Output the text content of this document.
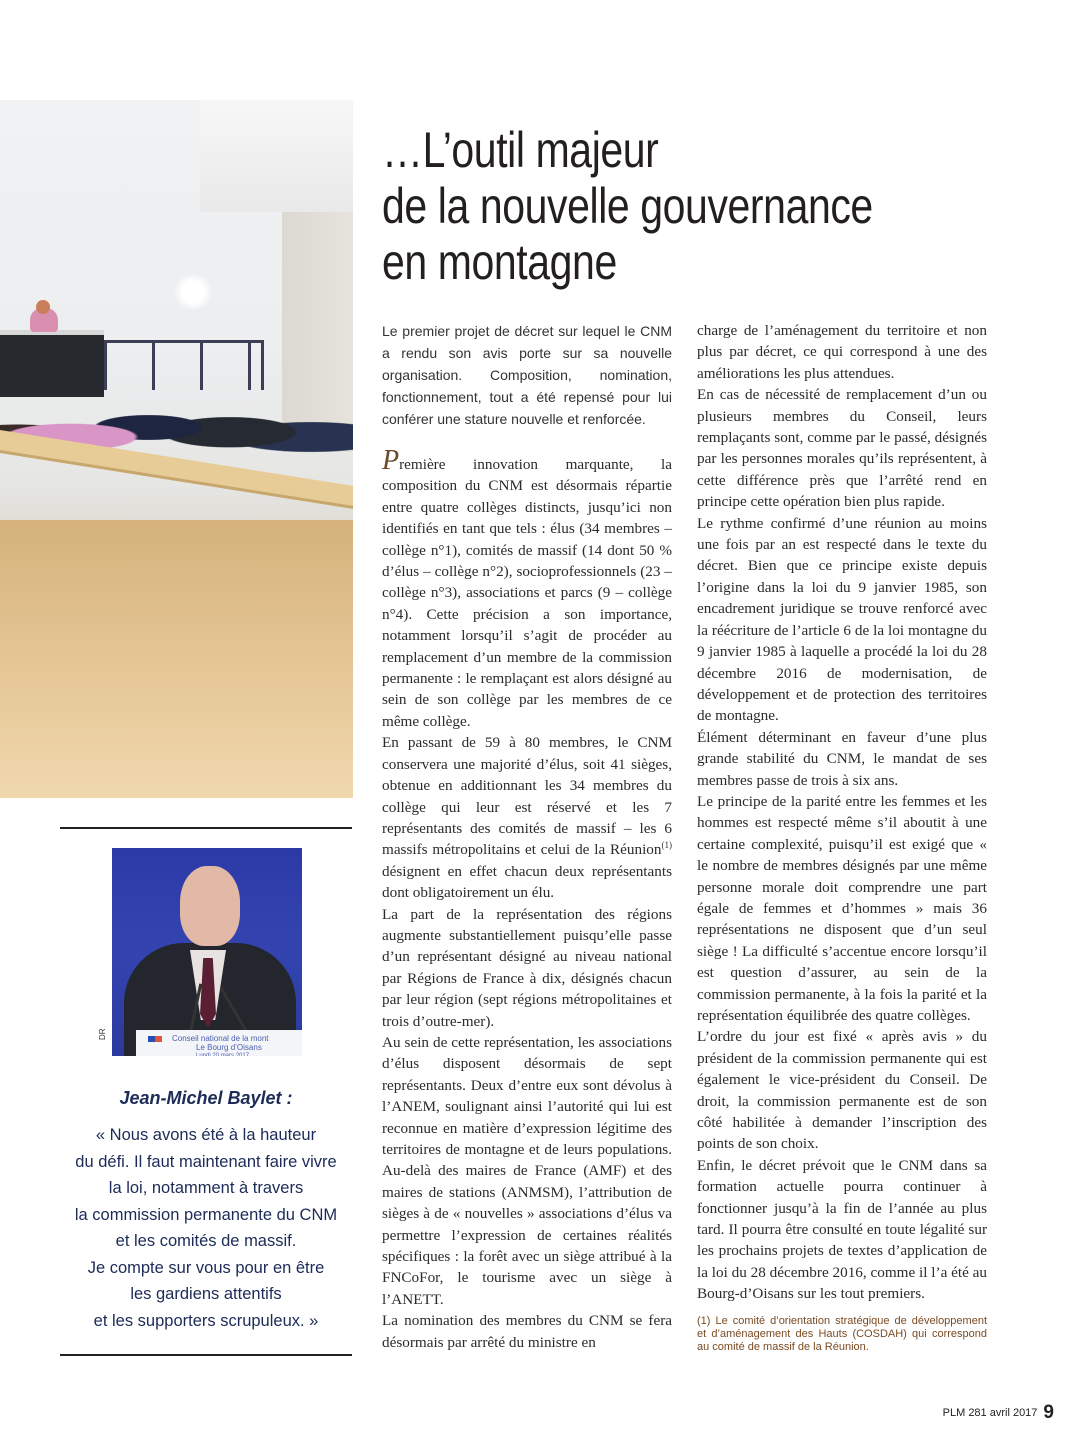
…L’outil majeur
de la nouvelle gouvernance
en montagne

Le premier projet de décret sur lequel le CNM a rendu son avis porte sur sa nouvelle organisation. Composition, nomination, fonctionnement, tout a été repensé pour lui conférer une stature nouvelle et renforcée.

Première innovation marquante, la composition du CNM est désormais répartie entre quatre collèges distincts, jusqu’ici non identifiés en tant que tels : élus (34 membres – collège n°1), comités de massif (14 dont 50 % d’élus – collège n°2), socioprofessionnels (23 – collège n°3), associations et parcs (9 – collège n°4). Cette précision a son importance, notamment lorsqu’il s’agit de procéder au remplacement d’un membre de la commission permanente : le remplaçant est alors désigné au sein de son collège par les membres de ce même collège.

En passant de 59 à 80 membres, le CNM conservera une majorité d’élus, soit 41 sièges, obtenue en additionnant les 34 membres du collège qui leur est réservé et les 7 représentants des comités de massif – les 6 massifs métropolitains et celui de la Réunion$^{(1)}$ désignent en effet chacun deux représentants dont obligatoirement un élu.

La part de la représentation des régions augmente substantiellement puisqu’elle passe d’un représentant désigné au niveau national par Régions de France à dix, désignés chacun par leur région (sept régions métropolitaines et trois d’outre-mer).

Au sein de cette représentation, les associations d’élus disposent désormais de sept représentants. Deux d’entre eux sont dévolus à l’ANEM, soulignant ainsi l’autorité qui lui est reconnue en matière d’expression légitime des territoires de montagne et de leurs populations. Au-delà des maires de France (AMF) et des maires de stations (ANMSM), l’attribution de sièges à de « nouvelles » associations d’élus va permettre l’expression de certaines réalités spécifiques : la forêt avec un siège attribué à la FNCoFor, le tourisme avec un siège à l’ANETT.

La nomination des membres du CNM se fera désormais par arrêté du ministre en

charge de l’aménagement du territoire et non plus par décret, ce qui correspond à une des améliorations les plus attendues.

En cas de nécessité de remplacement d’un ou plusieurs membres du Conseil, leurs remplaçants sont, comme par le passé, désignés par les personnes morales qu’ils représentent, à cette différence près que l’arrêté rend en principe cette opération bien plus rapide.

Le rythme confirmé d’une réunion au moins une fois par an est respecté dans le texte du décret. Bien que ce principe existe depuis l’origine dans la loi du 9 janvier 1985, son encadrement juridique se trouve renforcé avec la réécriture de l’article 6 de la loi montagne du 9 janvier 1985 à laquelle a procédé la loi du 28 décembre 2016 de modernisation, de développement et de protection des territoires de montagne.

Élément déterminant en faveur d’une plus grande stabilité du CNM, le mandat de ses membres passe de trois à six ans.

Le principe de la parité entre les femmes et les hommes est respecté même s’il aboutit à une certaine complexité, puisqu’il est exigé que « le nombre de membres désignés par une même personne morale doit comprendre une part égale de femmes et d’hommes » mais 36 représentations ne disposent que d’un seul siège ! La difficulté s’accentue encore lorsqu’il est question d’assurer, au sein de la commission permanente, à la fois la parité et la représentation équilibrée des quatre collèges.

L’ordre du jour est fixé « après avis » du président de la commission permanente qui est également le vice-président du Conseil. De droit, la commission permanente est de son côté habilitée à demander l’inscription des points de son choix.

Enfin, le décret prévoit que le CNM dans sa formation actuelle pourra continuer à fonctionner jusqu’à la fin de l’année au plus tard. Il pourra être consulté en toute légalité sur les prochains projets de textes d’application de la loi du 28 décembre 2016, comme il l’a été au Bourg-d’Oisans sur les tout premiers.

(1) Le comité d’orientation stratégique de développement et d’aménagement des Hauts (COSDAH) qui correspond au comité de massif de la Réunion.

Conseil national de la mont
Le Bourg d’Oisans
Lundi 20 mars 2017
DR

Jean-Michel Baylet :

« Nous avons été à la hauteur
du défi. Il faut maintenant faire vivre
la loi, notamment à travers
la commission permanente du CNM
et les comités de massif.
Je compte sur vous pour en être
les gardiens attentifs
et les supporters scrupuleux. »

PLM 281 avril 2017 9
